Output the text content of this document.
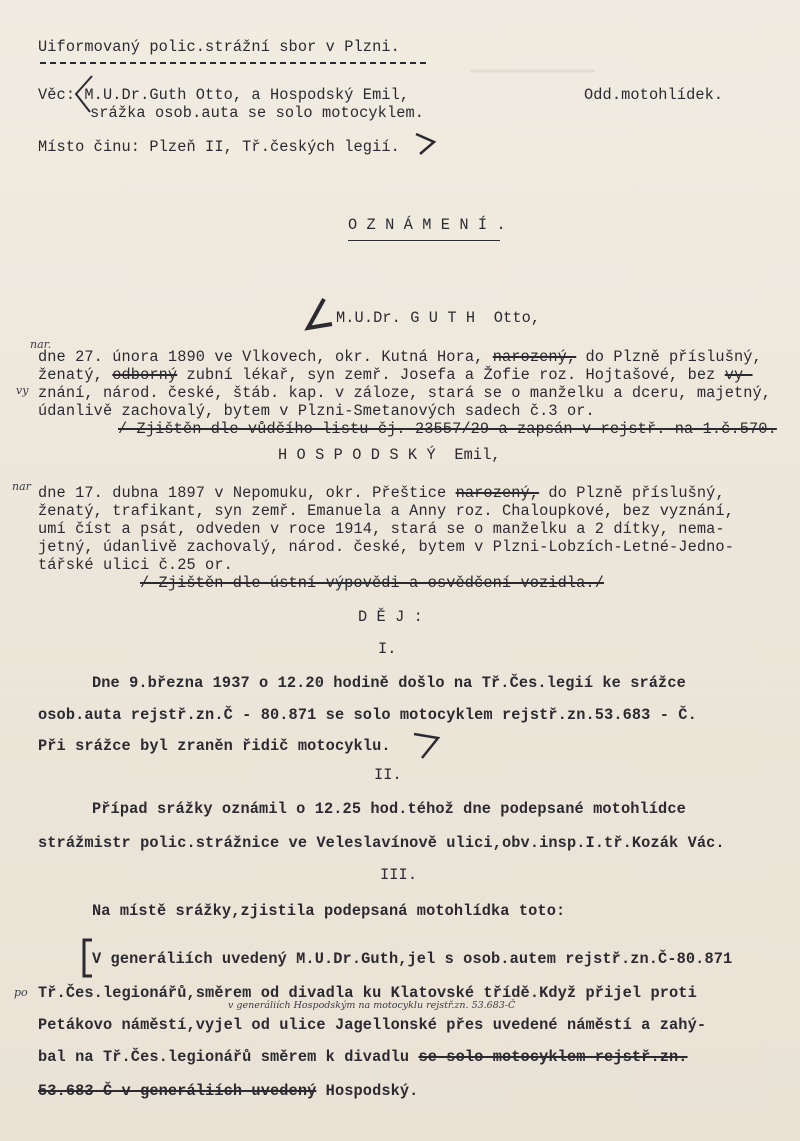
▬▬▬▬▬▬▬▬▬▬▬▬▬▬▬▬
Uiformovaný polic.strážní sbor v Plzni.
Věc: M.U.Dr.Guth Otto, a Hospodský Emil,
srážka osob.auta se solo motocyklem.
Odd.motohlídek.
Místo činu: Plzeň II, Tř.českých legií.
O Z N Á M E N Í .
M.U.Dr. G U T H  Otto,
nar.
dne 27. února 1890 ve Vlkovech, okr. Kutná Hora, narozený, do Plzně příslušný,
ženatý, odborný zubní lékař, syn zemř. Josefa a Žofie roz. Hojtašové, bez vy-
vy znání, národ. české, štáb. kap. v záloze, stará se o manželku a dceru, majetný,
údanlivě zachovalý, bytem v Plzni-Smetanových sadech č.3 or.
/ Zjištěn dle vůdčího listu čj. 23557/29 a zapsán v rejstř. na 1.č.570.
H O S P O D S K Ý  Emil,
nar dne 17. dubna 1897 v Nepomuku, okr. Přeštice narozený, do Plzně příslušný,
ženatý, trafikant, syn zemř. Emanuela a Anny roz. Chaloupkové, bez vyznání,
umí číst a psát, odveden v roce 1914, stará se o manželku a 2 dítky, nema-
jetný, údanlivě zachovalý, národ. české, bytem v Plzni-Lobzích-Letné-Jedno-
tářské ulici č.25 or.
/ Zjištěn dle ústní výpovědi a osvědčení vozidla./
D Ě J :
I.
Dne 9.března 1937 o 12.20 hodině došlo na Tř.Čes.legií ke srážce
osob.auta rejstř.zn.Č - 80.871 se solo motocyklem rejstř.zn.53.683 - Č.
Při srážce byl zraněn řidič motocyklu.
II.
Případ srážky oznámil o 12.25 hod.téhož dne podepsané motohlídce
strážmistr polic.strážnice ve Veleslavínově ulici,obv.insp.I.tř.Kozák Vác.
III.
Na místě srážky,zjistila podepsaná motohlídka toto:
V generáliích uvedený M.U.Dr.Guth,jel s osob.autem rejstř.zn.Č-80.871
po Tř.Čes.legionářů,směrem od divadla ku Klatovské třídě.Když přijel proti
v generáliích Hospodským na motocyklu rejstř.zn. 53.683-Č
Petákovo náměstí,vyjel od ulice Jagellonské přes uvedené náměstí a zahý-
bal na Tř.Čes.legionářů směrem k divadlu se solo motocyklem rejstř.zn.
53.683-Č v generáliích uvedený Hospodský.
